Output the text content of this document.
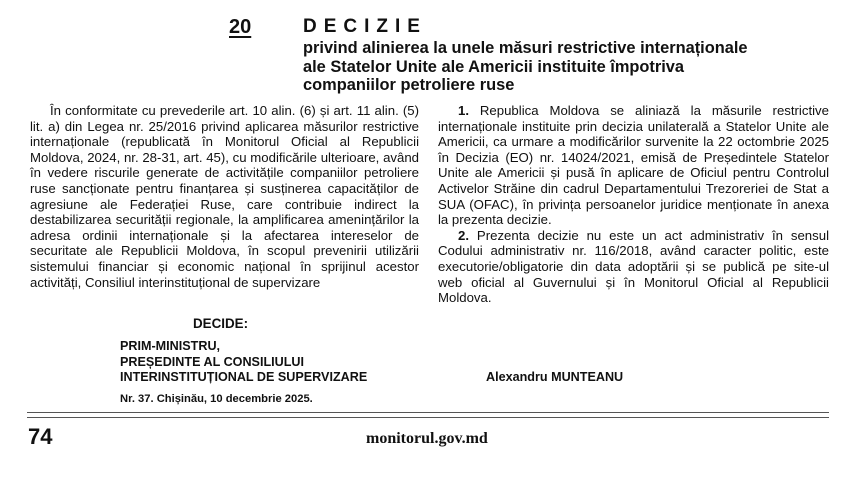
20	DECIZIE
privind alinierea la unele măsuri restrictive internaționale
ale Statelor Unite ale Americii instituite împotriva
companiilor petroliere ruse

În conformitate cu prevederile art. 10 alin. (6) și art. 11 alin. (5) lit. a) din Legea nr. 25/2016 privind aplicarea măsurilor restrictive internaționale (republicată în Monitorul Oficial al Republicii Moldova, 2024, nr. 28-31, art. 45), cu modificările ulterioare, având în vedere riscurile generate de activitățile companiilor petroliere ruse sancționate pentru finanțarea și susținerea capacităților de agresiune ale Federației Ruse, care contribuie indirect la destabilizarea securității regionale, la amplificarea amenințărilor la adresa ordinii internaționale și la afectarea intereselor de securitate ale Republicii Moldova, în scopul prevenirii utilizării sistemului financiar și economic național în sprijinul acestor activități, Consiliul interinstituțional de supervizare

DECIDE:

1. Republica Moldova se aliniază la măsurile restrictive internaționale instituite prin decizia unilaterală a Statelor Unite ale Americii, ca urmare a modificărilor survenite la 22 octombrie 2025 în Decizia (EO) nr. 14024/2021, emisă de Președintele Statelor Unite ale Americii și pusă în aplicare de Oficiul pentru Controlul Activelor Străine din cadrul Departamentului Trezoreriei de Stat a SUA (OFAC), în privința persoanelor juridice menționate în anexa la prezenta decizie.

2. Prezenta decizie nu este un act administrativ în sensul Codului administrativ nr. 116/2018, având caracter politic, este executorie/obligatorie din data adoptării și se publică pe site-ul web oficial al Guvernului și în Monitorul Oficial al Republicii Moldova.

PRIM-MINISTRU,
PREȘEDINTE AL CONSILIULUI
INTERINSTITUȚIONAL DE SUPERVIZARE	Alexandru MUNTEANU
Nr. 37. Chișinău, 10 decembrie 2025.
74	monitorul.gov.md
